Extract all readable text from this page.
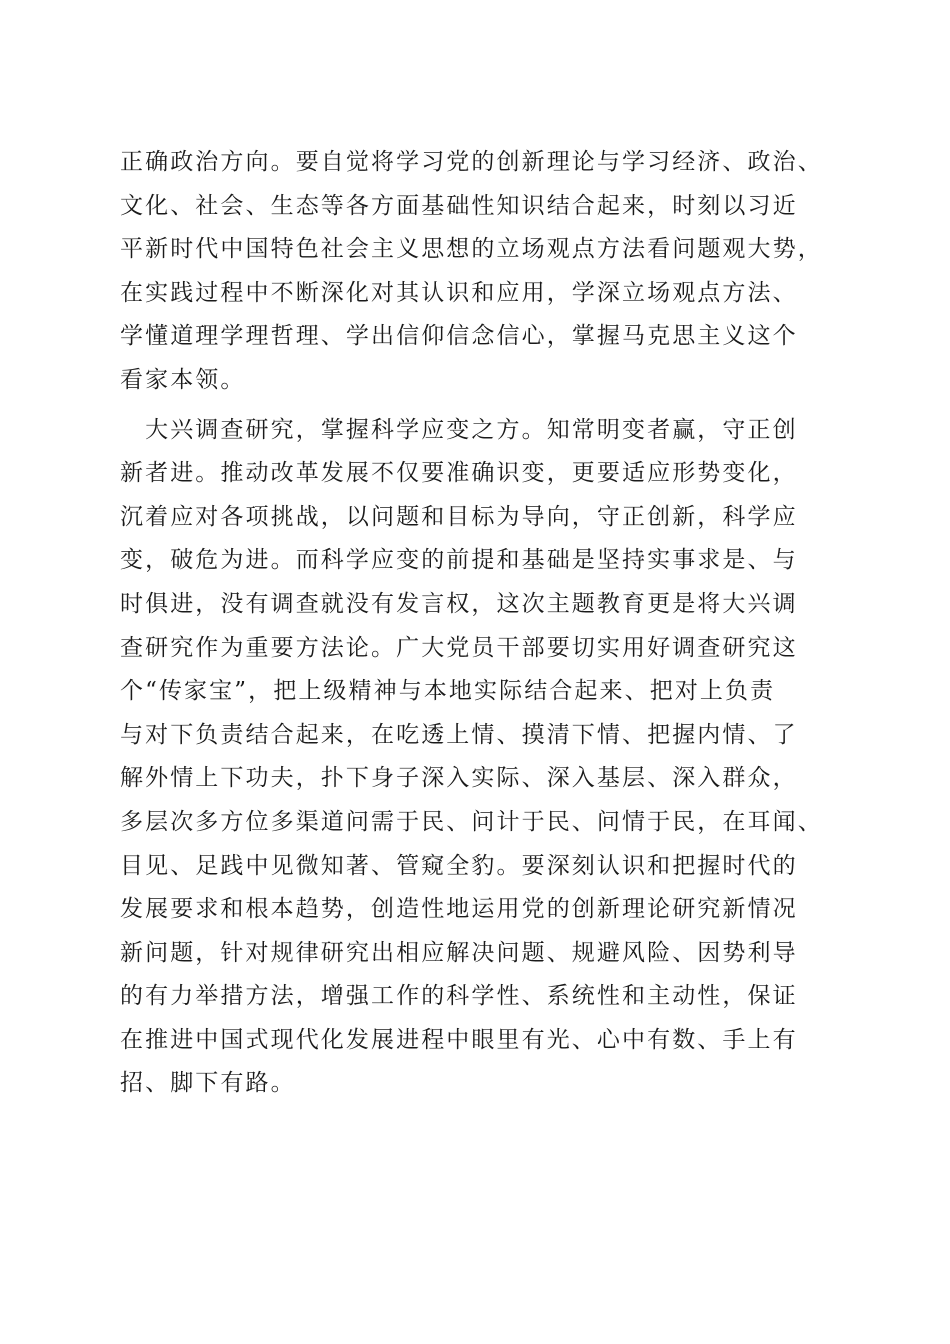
正确政治方向。要自觉将学习党的创新理论与学习经济、政治、
文化、社会、生态等各方面基础性知识结合起来，时刻以习近
平新时代中国特色社会主义思想的立场观点方法看问题观大势，
在实践过程中不断深化对其认识和应用，学深立场观点方法、
学懂道理学理哲理、学出信仰信念信心，掌握马克思主义这个
看家本领。
　大兴调查研究，掌握科学应变之方。知常明变者赢，守正创
新者进。推动改革发展不仅要准确识变，更要适应形势变化，
沉着应对各项挑战，以问题和目标为导向，守正创新，科学应
变，破危为进。而科学应变的前提和基础是坚持实事求是、与
时俱进，没有调查就没有发言权，这次主题教育更是将大兴调
查研究作为重要方法论。广大党员干部要切实用好调查研究这
个“传家宝”，把上级精神与本地实际结合起来、把对上负责
与对下负责结合起来，在吃透上情、摸清下情、把握内情、了
解外情上下功夫，扑下身子深入实际、深入基层、深入群众，
多层次多方位多渠道问需于民、问计于民、问情于民，在耳闻、
目见、足践中见微知著、管窥全豹。要深刻认识和把握时代的
发展要求和根本趋势，创造性地运用党的创新理论研究新情况
新问题，针对规律研究出相应解决问题、规避风险、因势利导
的有力举措方法，增强工作的科学性、系统性和主动性，保证
在推进中国式现代化发展进程中眼里有光、心中有数、手上有
招、脚下有路。
